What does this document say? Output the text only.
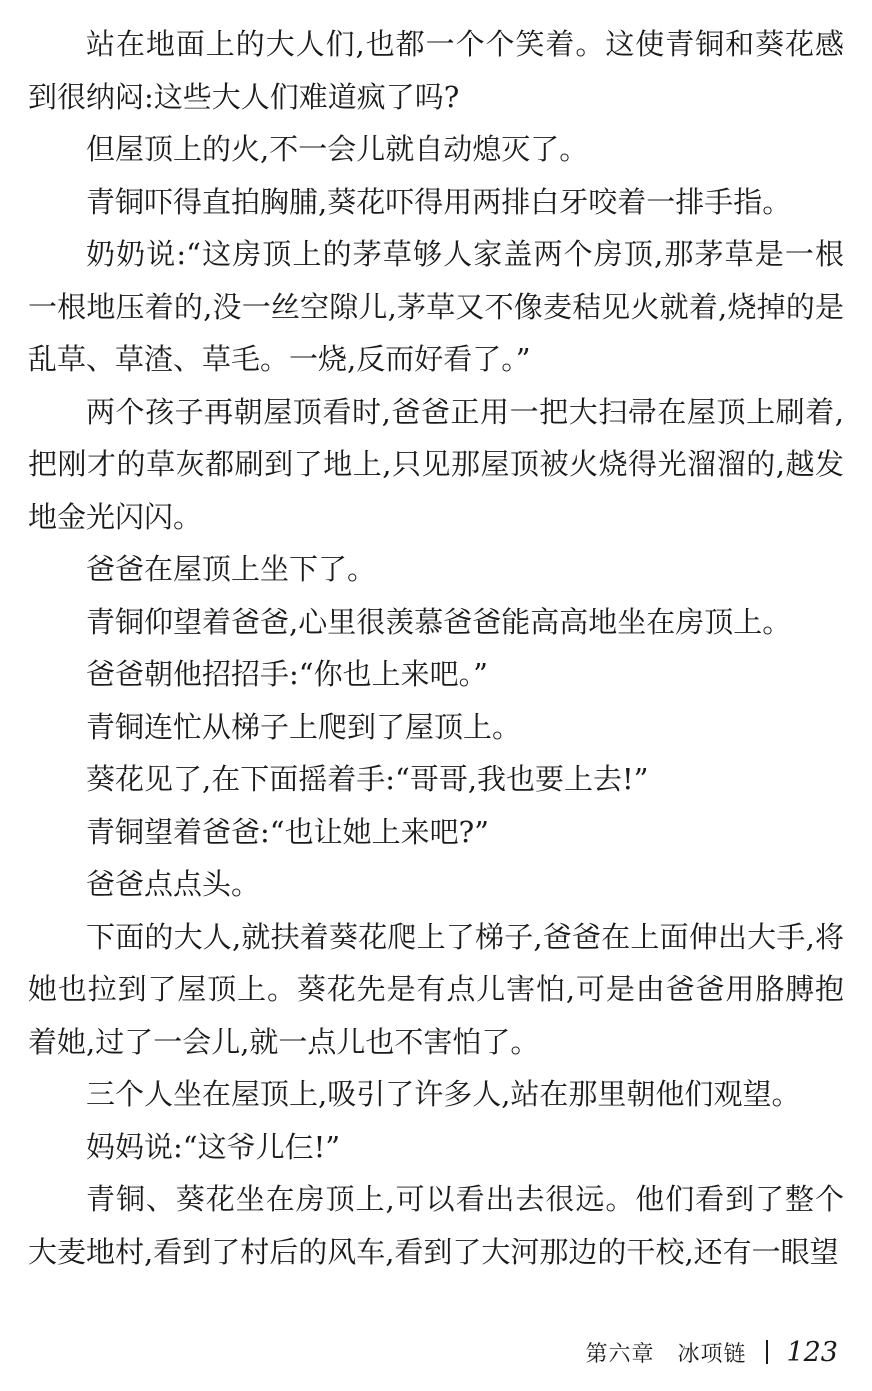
站在地面上的大人们,也都一个个笑着。这使青铜和葵花感到很纳闷:这些大人们难道疯了吗?

但屋顶上的火,不一会儿就自动熄灭了。

青铜吓得直拍胸脯,葵花吓得用两排白牙咬着一排手指。

奶奶说:“这房顶上的茅草够人家盖两个房顶,那茅草是一根一根地压着的,没一丝空隙儿,茅草又不像麦秸见火就着,烧掉的是乱草、草渣、草毛。一烧,反而好看了。”

两个孩子再朝屋顶看时,爸爸正用一把大扫帚在屋顶上刷着,把刚才的草灰都刷到了地上,只见那屋顶被火烧得光溜溜的,越发地金光闪闪。

爸爸在屋顶上坐下了。

青铜仰望着爸爸,心里很羡慕爸爸能高高地坐在房顶上。

爸爸朝他招招手:“你也上来吧。”

青铜连忙从梯子上爬到了屋顶上。

葵花见了,在下面摇着手:“哥哥,我也要上去!”

青铜望着爸爸:“也让她上来吧?”

爸爸点点头。

下面的大人,就扶着葵花爬上了梯子,爸爸在上面伸出大手,将她也拉到了屋顶上。葵花先是有点儿害怕,可是由爸爸用胳膊抱着她,过了一会儿,就一点儿也不害怕了。

三个人坐在屋顶上,吸引了许多人,站在那里朝他们观望。

妈妈说:“这爷儿仨!”

青铜、葵花坐在房顶上,可以看出去很远。他们看到了整个大麦地村,看到了村后的风车,看到了大河那边的干校,还有一眼望

第六章　冰项链 123
